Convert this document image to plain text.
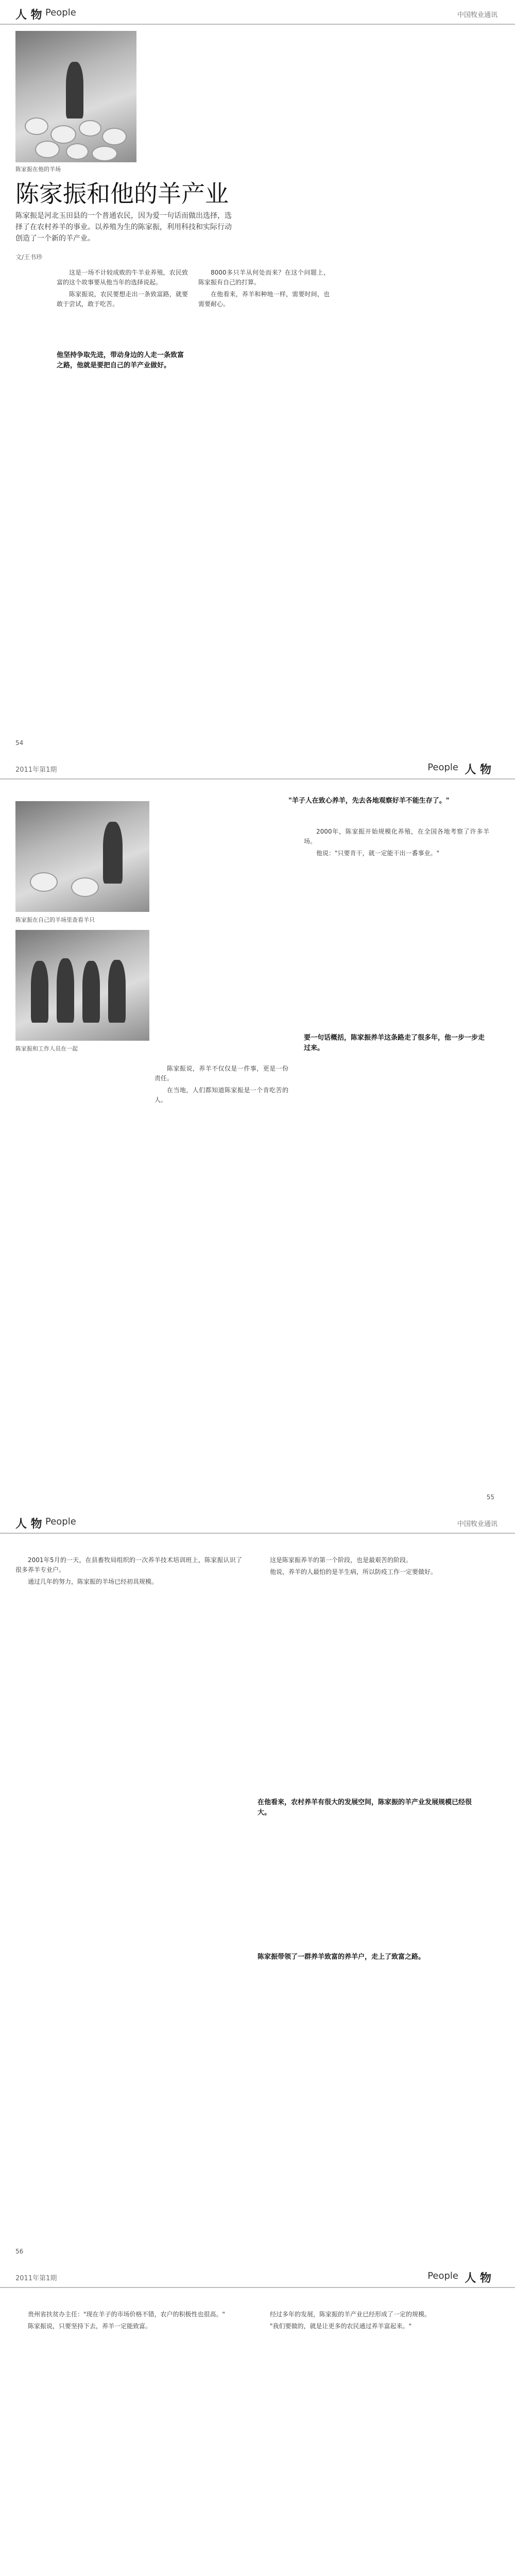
人 物 People	中国牧业通讯
陈家振在他的羊场
陈家振和他的羊产业
陈家振是河北玉田县的一个普通农民，因为爱一句话而做出选择，选择了在农村养羊的事业。以养殖为生的陈家振，利用科技和实际行动创造了一个新的羊产业。
文/王书珍

这是一场不计较成败的牛羊业养殖，农民致富的这个故事要从他当年的选择说起。

陈家振说，农民要想走出一条致富路，就要敢于尝试，敢于吃苦。

他坚持争取先进，带动身边的人走一条致富之路，他就是要把自己的羊产业做好。

8000多只羊从何处而来？在这个问题上，陈家振有自己的打算。

在他看来，养羊和种地一样，需要时间，也需要耐心。

54
2011年第1期	People 人 物
陈家振在自己的羊场里查看羊只
陈家振和工作人员在一起
"羊子人在致心养羊，先去各地观察好羊不能生存了。"

陈家振说，养羊不仅仅是一件事，更是一份责任。

在当地，人们都知道陈家振是一个肯吃苦的人。

2000年，陈家振开始规模化养殖，在全国各地考察了许多羊场。

他说："只要肯干，就一定能干出一番事业。"

要一句话概括，陈家振养羊这条路走了很多年，他一步一步走过来。
55
人 物 People	中国牧业通讯

2001年5月的一天，在县畜牧局组织的一次养羊技术培训班上，陈家振认识了很多养羊专业户。

通过几年的努力，陈家振的羊场已经初具规模。

这是陈家振养羊的第一个阶段，也是最艰苦的阶段。

他说，养羊的人最怕的是羊生病，所以防疫工作一定要做好。

在他看来，农村养羊有很大的发展空间，陈家振的羊产业发展规模已经很大。
陈家振带领了一群养羊致富的养羊户，走上了致富之路。
56
2011年第1期	People 人 物

贵州省扶贫办主任："现在羊子的市场价格不错，农户的积极性也很高。"

陈家振说，只要坚持下去，养羊一定能致富。

经过多年的发展，陈家振的羊产业已经形成了一定的规模。

"我们要做的，就是让更多的农民通过养羊富起来。"
